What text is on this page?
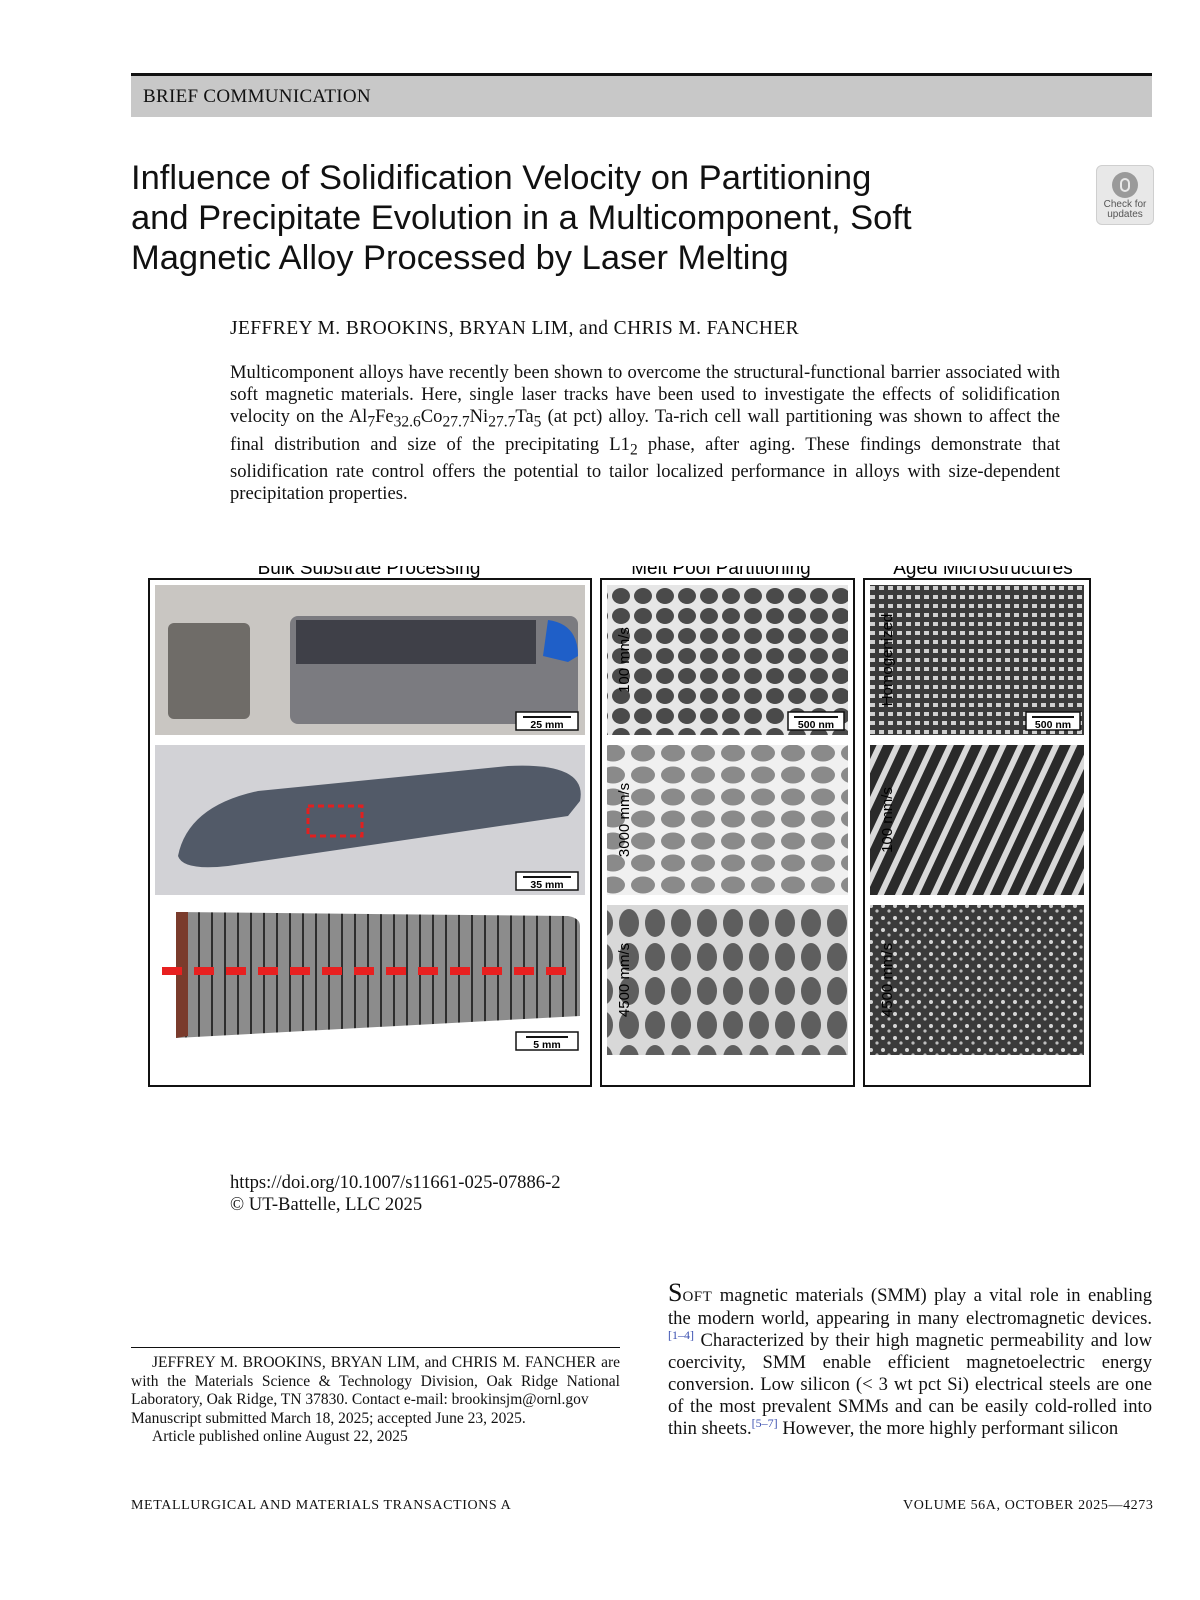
BRIEF COMMUNICATION
Influence of Solidification Velocity on Partitioning
and Precipitate Evolution in a Multicomponent, Soft
Magnetic Alloy Processed by Laser Melting
Check for
updates
JEFFREY M. BROOKINS, BRYAN LIM, and CHRIS M. FANCHER

Multicomponent alloys have recently been shown to overcome the structural-functional barrier associated with soft magnetic materials. Here, single laser tracks have been used to investigate the effects of solidification velocity on the $Al_7Fe_{32.6}Co_{27.7}Ni_{27.7}Ta_5$ (at pct) alloy. Ta-rich cell wall partitioning was shown to affect the final distribution and size of the precipitating $L1_2$ phase, after aging. These findings demonstrate that solidification rate control offers the potential to tailor localized performance in alloys with size-dependent precipitation properties.

Bulk Substrate Processing	Melt Pool Partitioning	Aged Microstructures
100 mm/s
3000 mm/s
4500 mm/s
Homogenized
100 mm/s
4500 mm/s
25 mm
35 mm
5 mm
500 nm	500 nm
https://doi.org/10.1007/s11661-025-07886-2
© UT-Battelle, LLC 2025

SOFT magnetic materials (SMM) play a vital role in enabling the modern world, appearing in many electromagnetic devices.[1–4] Characterized by their high magnetic permeability and low coercivity, SMM enable efficient magnetoelectric energy conversion. Low silicon (< 3 wt pct Si) electrical steels are one of the most prevalent SMMs and can be easily cold-rolled into thin sheets.[5–7] However, the more highly performant silicon

JEFFREY M. BROOKINS, BRYAN LIM, and CHRIS M. FANCHER are with the Materials Science & Technology Division, Oak Ridge National Laboratory, Oak Ridge, TN 37830. Contact e-mail: brookinsjm@ornl.gov

Manuscript submitted March 18, 2025; accepted June 23, 2025.

Article published online August 22, 2025

METALLURGICAL AND MATERIALS TRANSACTIONS A	VOLUME 56A, OCTOBER 2025—4273
